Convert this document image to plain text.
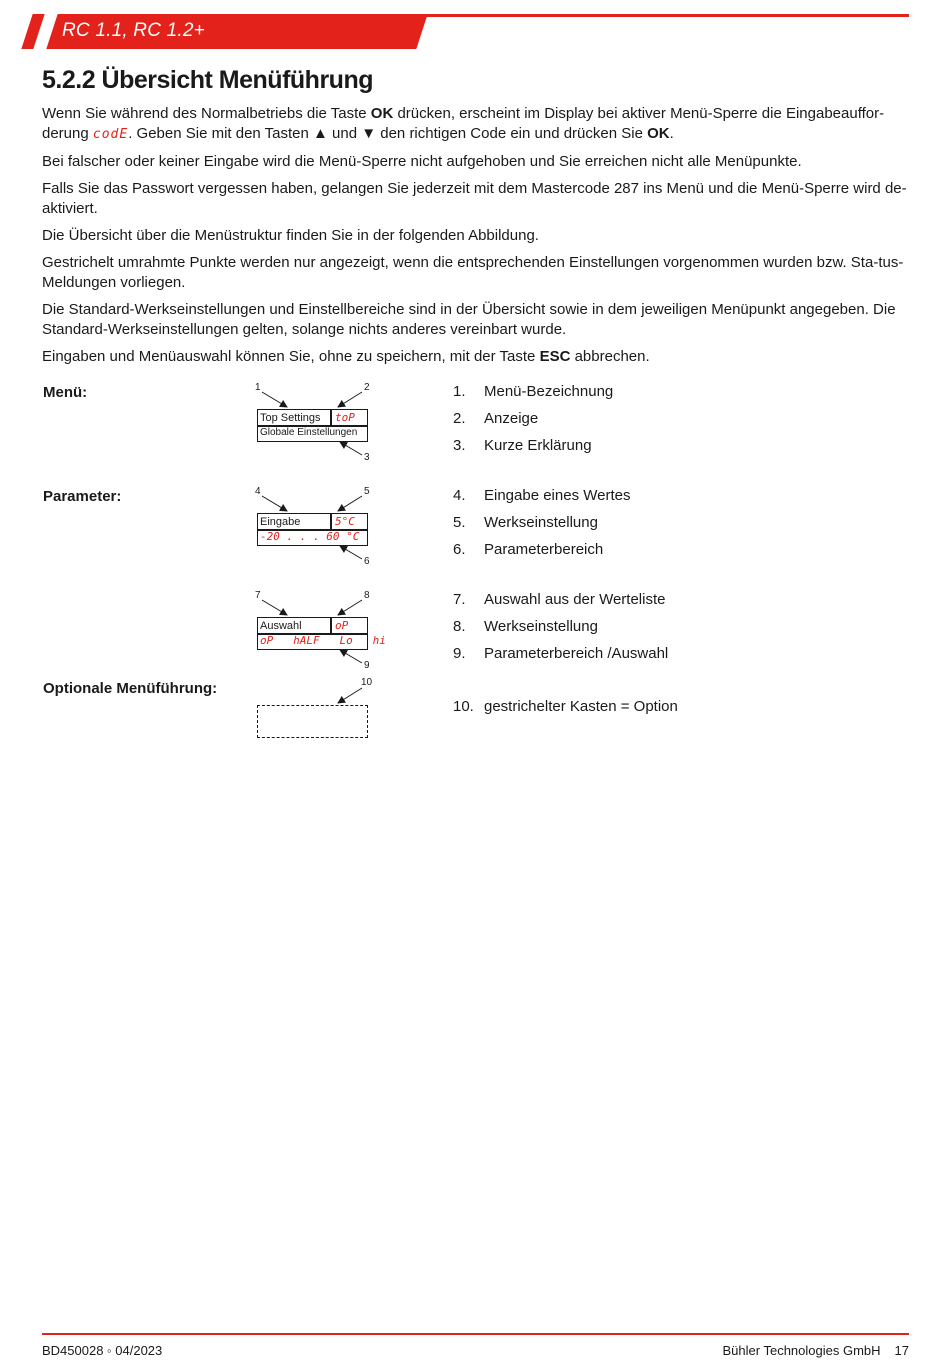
RC 1.1, RC 1.2+
5.2.2 Übersicht Menüführung

Wenn Sie während des Normalbetriebs die Taste OK drücken, erscheint im Display bei aktiver Menü-Sperre die Eingabeauffor-derung codE. Geben Sie mit den Tasten ▲ und ▼ den richtigen Code ein und drücken Sie OK.

Bei falscher oder keiner Eingabe wird die Menü-Sperre nicht aufgehoben und Sie erreichen nicht alle Menüpunkte.

Falls Sie das Passwort vergessen haben, gelangen Sie jederzeit mit dem Mastercode 287 ins Menü und die Menü-Sperre wird de-aktiviert.

Die Übersicht über die Menüstruktur finden Sie in der folgenden Abbildung.

Gestrichelt umrahmte Punkte werden nur angezeigt, wenn die entsprechenden Einstellungen vorgenommen wurden bzw. Sta-tus-Meldungen vorliegen.

Die Standard-Werkseinstellungen und Einstellbereiche sind in der Übersicht sowie in dem jeweiligen Menüpunkt angegeben. Die Standard-Werkseinstellungen gelten, solange nichts anderes vereinbart wurde.

Eingaben und Menüauswahl können Sie, ohne zu speichern, mit der Taste ESC abbrechen.

Menü:
Parameter:
Optionale Menüführung:
1	2
3
4	5
6
7	8
9
10
Top Settings toP
Globale Einstellungen
Eingabe	5°C
-20 . . . 60 °C
Auswahl	oP
oP   hALF   Lo   hi
1. Menü-Bezeichnung
2. Anzeige
3. Kurze Erklärung
4. Eingabe eines Wertes
5. Werkseinstellung
6. Parameterbereich
7. Auswahl aus der Werteliste
8. Werkseinstellung
9. Parameterbereich /Auswahl
10. gestrichelter Kasten = Option
BD450028 ◦ 04/2023	Bühler Technologies GmbH 17
